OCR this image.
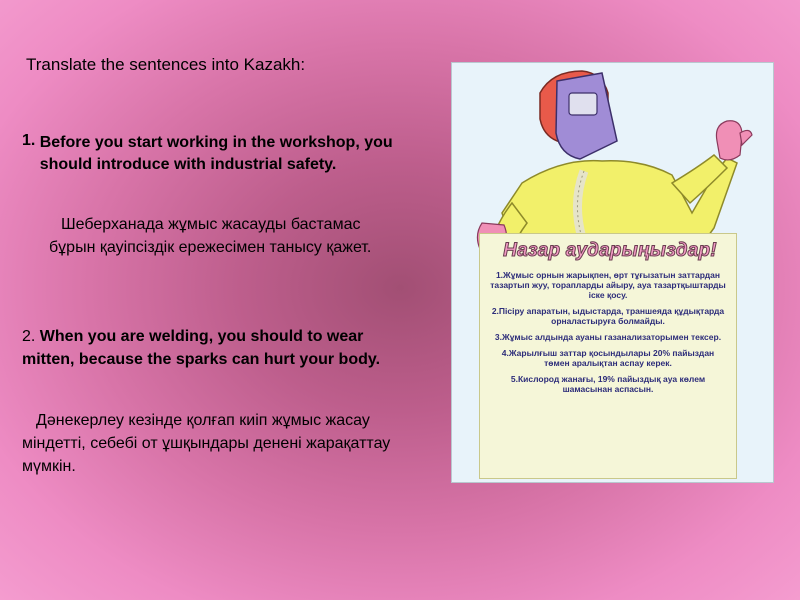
Translate the sentences into Kazakh:
1. Before you start working in the workshop, you should introduce with industrial safety.
Шеберханада жұмыс жасауды бастамас бұрын қауіпсіздік ережесімен танысу қажет.
2. When you are welding, you should to wear mitten, because the sparks can hurt your body.
Дәнекерлеу кезінде қолғап киіп жұмыс жасау міндетті, себебі от ұшқындары денені жарақаттау мүмкін.
Назар аударыңыздар!
1.Жұмыс орнын жарықпен, өрт тұғызатын заттардан тазартып жуу, торапларды айыру, ауа тазартқыштарды іске қосу.
2.Пісіру апаратын, ыдыстарда, траншеяда құдықтарда орналастыруға болмайды.
3.Жұмыс алдында ауаны газанализаторымен тексер.
4.Жарылғыш заттар қосындылары 20% пайыздан төмен аралықтан аспау керек.
5.Кислород жанағы, 19% пайыздық ауа көлем шамасынан аспасын.
